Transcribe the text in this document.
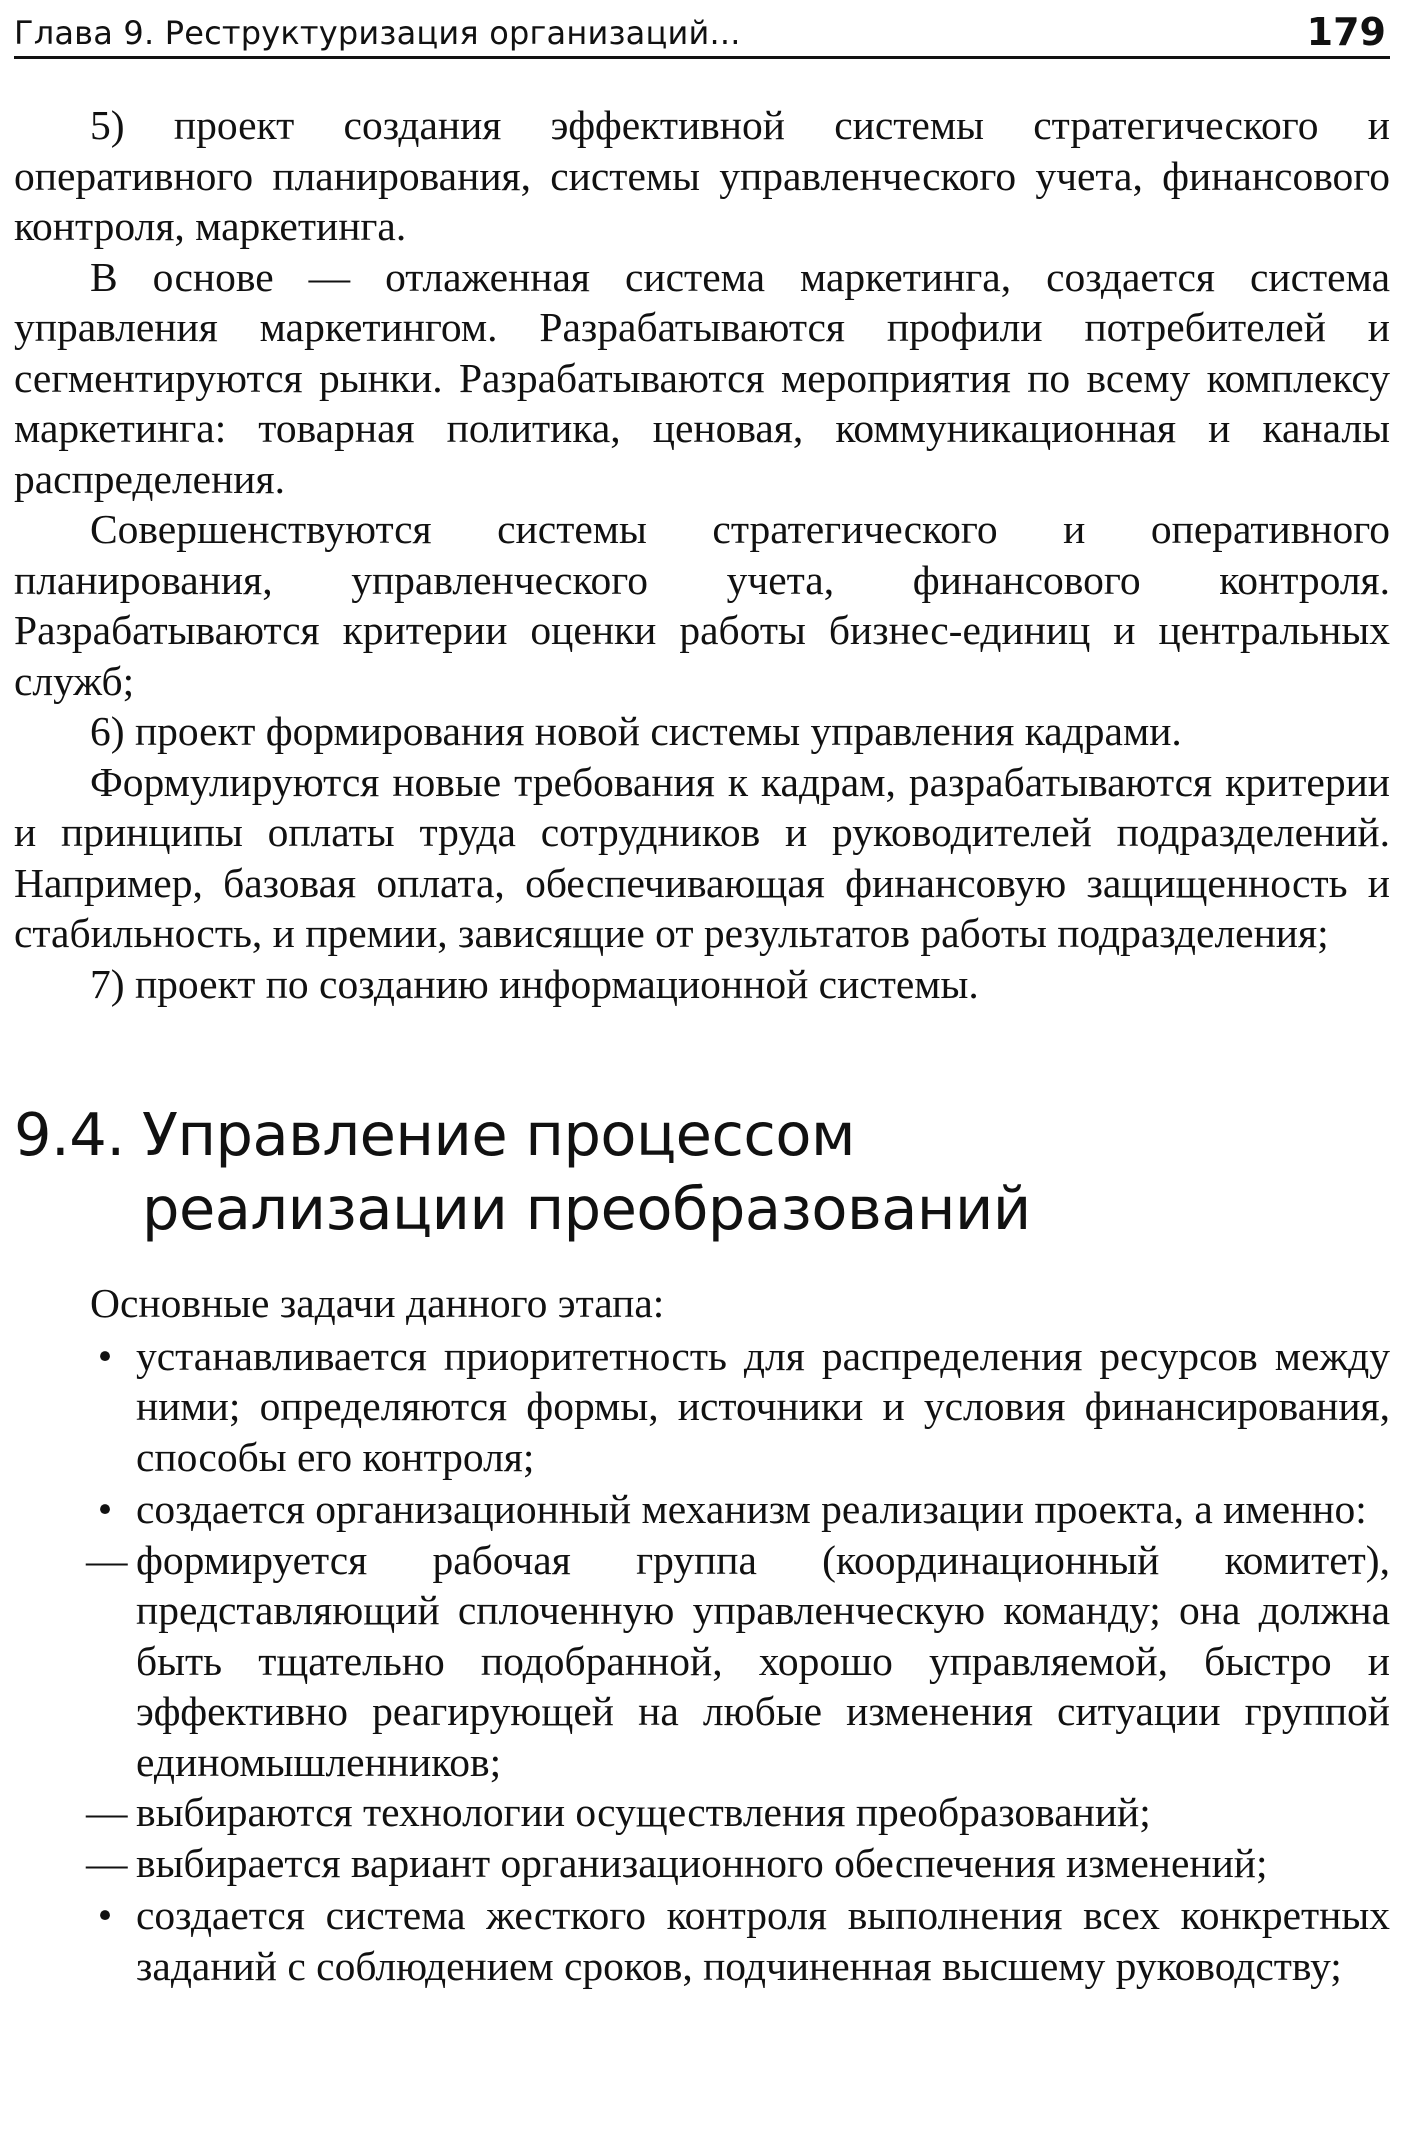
Глава 9. Реструктуризация организаций...	179

5) проект создания эффективной системы стратегического и оперативного планирования, системы управленческого учета, финансового контроля, маркетинга.

В основе — отлаженная система маркетинга, создается система управления маркетингом. Разрабатываются профили потребителей и сегментируются рынки. Разрабатываются мероприятия по всему комплексу маркетинга: товарная политика, ценовая, коммуникационная и каналы распределения.

Совершенствуются системы стратегического и оперативного планирования, управленческого учета, финансового контроля. Разрабатываются критерии оценки работы бизнес-единиц и центральных служб;

6) проект формирования новой системы управления кадрами.

Формулируются новые требования к кадрам, разрабатываются критерии и принципы оплаты труда сотрудников и руководителей подразделений. Например, базовая оплата, обеспечивающая финансовую защищенность и стабильность, и премии, зависящие от результатов работы подразделения;

7) проект по созданию информационной системы.

9.4. Управление процессом
реализации преобразований

Основные задачи данного этапа:

• устанавливается приоритетность для распределения ресурсов между ними; определяются формы, источники и условия финансирования, способы его контроля;
• создается организационный механизм реализации проекта, а именно:
— формируется рабочая группа (координационный комитет), представляющий сплоченную управленческую команду; она должна быть тщательно подобранной, хорошо управляемой, быстро и эффективно реагирующей на любые изменения ситуации группой единомышленников;
— выбираются технологии осуществления преобразований;
— выбирается вариант организационного обеспечения изменений;
• создается система жесткого контроля выполнения всех конкретных заданий с соблюдением сроков, подчиненная высшему руководству;
